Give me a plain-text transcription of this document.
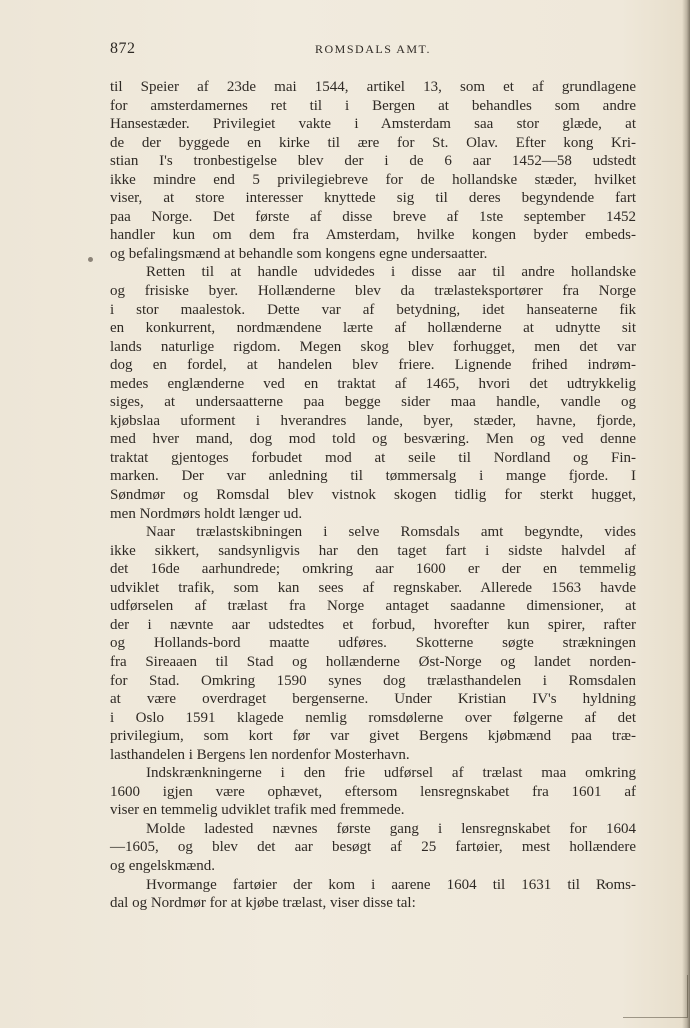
872	ROMSDALS AMT.
til Speier af 23de mai 1544, artikel 13, som et af grundlagene
for amsterdamernes ret til i Bergen at behandles som andre
Hansestæder. Privilegiet vakte i Amsterdam saa stor glæde, at
de der byggede en kirke til ære for St. Olav. Efter kong Kri-
stian I's tronbestigelse blev der i de 6 aar 1452—58 udstedt
ikke mindre end 5 privilegiebreve for de hollandske stæder, hvilket
viser, at store interesser knyttede sig til deres begyndende fart
paa Norge. Det første af disse breve af 1ste september 1452
handler kun om dem fra Amsterdam, hvilke kongen byder embeds-
og befalingsmænd at behandle som kongens egne undersaatter.
Retten til at handle udvidedes i disse aar til andre hollandske
og frisiske byer. Hollænderne blev da trælasteksportører fra Norge
i stor maalestok. Dette var af betydning, idet hanseaterne fik
en konkurrent, nordmændene lærte af hollænderne at udnytte sit
lands naturlige rigdom. Megen skog blev forhugget, men det var
dog en fordel, at handelen blev friere. Lignende frihed indrøm-
medes englænderne ved en traktat af 1465, hvori det udtrykkelig
siges, at undersaatterne paa begge sider maa handle, vandle og
kjøbslaa uforment i hverandres lande, byer, stæder, havne, fjorde,
med hver mand, dog mod told og besværing. Men og ved denne
traktat gjentoges forbudet mod at seile til Nordland og Fin-
marken. Der var anledning til tømmersalg i mange fjorde. I
Søndmør og Romsdal blev vistnok skogen tidlig for sterkt hugget,
men Nordmørs holdt længer ud.
Naar trælastskibningen i selve Romsdals amt begyndte, vides
ikke sikkert, sandsynligvis har den taget fart i sidste halvdel af
det 16de aarhundrede; omkring aar 1600 er der en temmelig
udviklet trafik, som kan sees af regnskaber. Allerede 1563 havde
udførselen af trælast fra Norge antaget saadanne dimensioner, at
der i nævnte aar udstedtes et forbud, hvorefter kun spirer, rafter
og Hollands-bord maatte udføres. Skotterne søgte strækningen
fra Sireaaen til Stad og hollænderne Øst-Norge og landet norden-
for Stad. Omkring 1590 synes dog trælasthandelen i Romsdalen
at være overdraget bergenserne. Under Kristian IV's hyldning
i Oslo 1591 klagede nemlig romsdølerne over følgerne af det
privilegium, som kort før var givet Bergens kjøbmænd paa træ-
lasthandelen i Bergens len nordenfor Mosterhavn.
Indskrænkningerne i den frie udførsel af trælast maa omkring
1600 igjen være ophævet, eftersom lensregnskabet fra 1601 af
viser en temmelig udviklet trafik med fremmede.
Molde ladested nævnes første gang i lensregnskabet for 1604
—1605, og blev det aar besøgt af 25 fartøier, mest hollændere
og engelskmænd.
Hvormange fartøier der kom i aarene 1604 til 1631 til Roms-
dal og Nordmør for at kjøbe trælast, viser disse tal:
